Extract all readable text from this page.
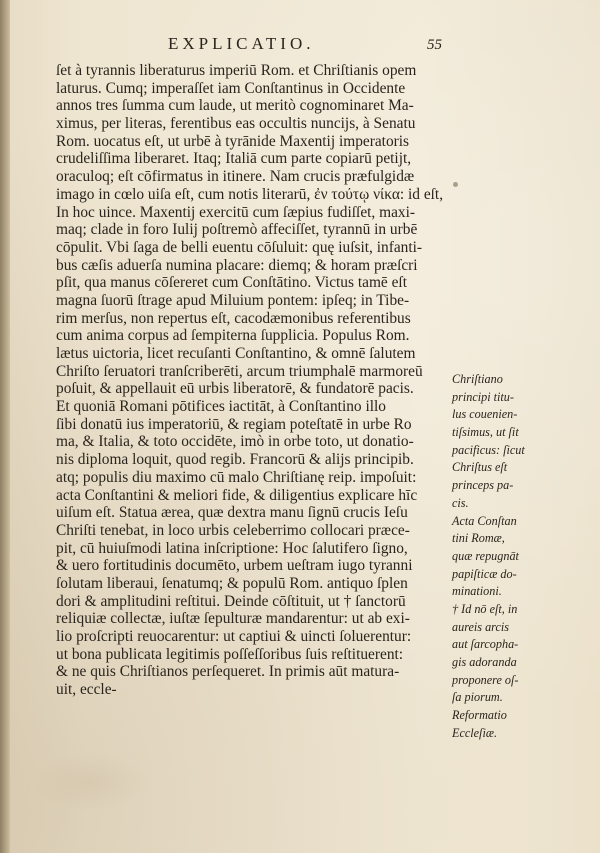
EXPLICATIO.	55
ſet à tyrannis liberaturus imperiū Rom. et Chriſtianis opem
laturus. Cumq; imperaſſet iam Conſtantinus in Occidente
annos tres ſumma cum laude, ut meritò cognominaret Ma-
ximus, per literas, ferentibus eas occultis nuncijs, à Senatu
Rom. uocatus eſt, ut urbē à tyrānide Maxentij imperatoris
crudeliſſima liberaret. Itaq; Italiā cum parte copiarū petijt,
oraculoq; eſt cōfirmatus in itinere. Nam crucis præfulgidæ
imago in cœlo uiſa eſt, cum notis literarū, ἐν τούτῳ νίκα: id eſt,
In hoc uince. Maxentij exercitū cum ſæpius fudiſſet, maxi-
maq; clade in foro Iulij poſtremò affeciſſet, tyrannū in urbē
cōpulit. Vbi ſaga de belli euentu cōſuluit: quę iuſsit, infanti-
bus cæſis aduerſa numina placare: diemq; & horam præſcri
pſit, qua manus cōſereret cum Conſtātino. Victus tamē eſt
magna ſuorū ſtrage apud Miluium pontem: ipſeq; in Tibe-
rim merſus, non repertus eſt, cacodæmonibus referentibus
cum anima corpus ad ſempiterna ſupplicia. Populus Rom.
lætus uictoria, licet recuſanti Conſtantino, & omnē ſalutem
Chriſto ſeruatori tranſcriberēti, arcum triumphalē marmoreū
poſuit, & appellauit eū urbis liberatorē, & fundatorē pacis.
Et quoniā Romani pōtifices iactitāt, à Conſtantino illo
ſibi donatū ius imperatoriū, & regiam poteſtatē in urbe Ro
ma, & Italia, & toto occidēte, imò in orbe toto, ut donatio-
nis diploma loquit, quod regib. Francorū & alijs principib.
atq; populis diu maximo cū malo Chriſtianę reip. impoſuit:
acta Conſtantini & meliori fide, & diligentius explicare hīc
uiſum eſt. Statua ærea, quæ dextra manu ſignū crucis Ieſu
Chriſti tenebat, in loco urbis celeberrimo collocari præce-
pit, cū huiuſmodi latina inſcriptione: Hoc ſalutifero ſigno,
& uero fortitudinis documēto, urbem ueſtram iugo tyranni
ſolutam liberaui, ſenatumq; & populū Rom. antiquo ſplen
dori & amplitudini reſtitui. Deinde cōſtituit, ut † ſanctorū
reliquiæ collectæ, iuſtæ ſepulturæ mandarentur: ut ab exi-
lio proſcripti reuocarentur: ut captiui & uincti ſoluerentur:
ut bona publicata legitimis poſſeſſoribus ſuis reſtituerent:
& ne quis Chriſtianos perſequeret. In primis aūt matura-
uit, eccle-
Chriſtiano
principi titu-
lus couenien-
tiſsimus, ut ſit
pacificus: ſicut
Chriſtus eſt
princeps pa-
cis.
Acta Conſtan
tini Romæ,
quæ repugnāt
papiſticæ do-
minationi.
† Id nō eſt, in
aureis arcis
aut ſarcopha-
gis adoranda
proponere oſ-
ſa piorum.
Reformatio
Eccleſiæ.
